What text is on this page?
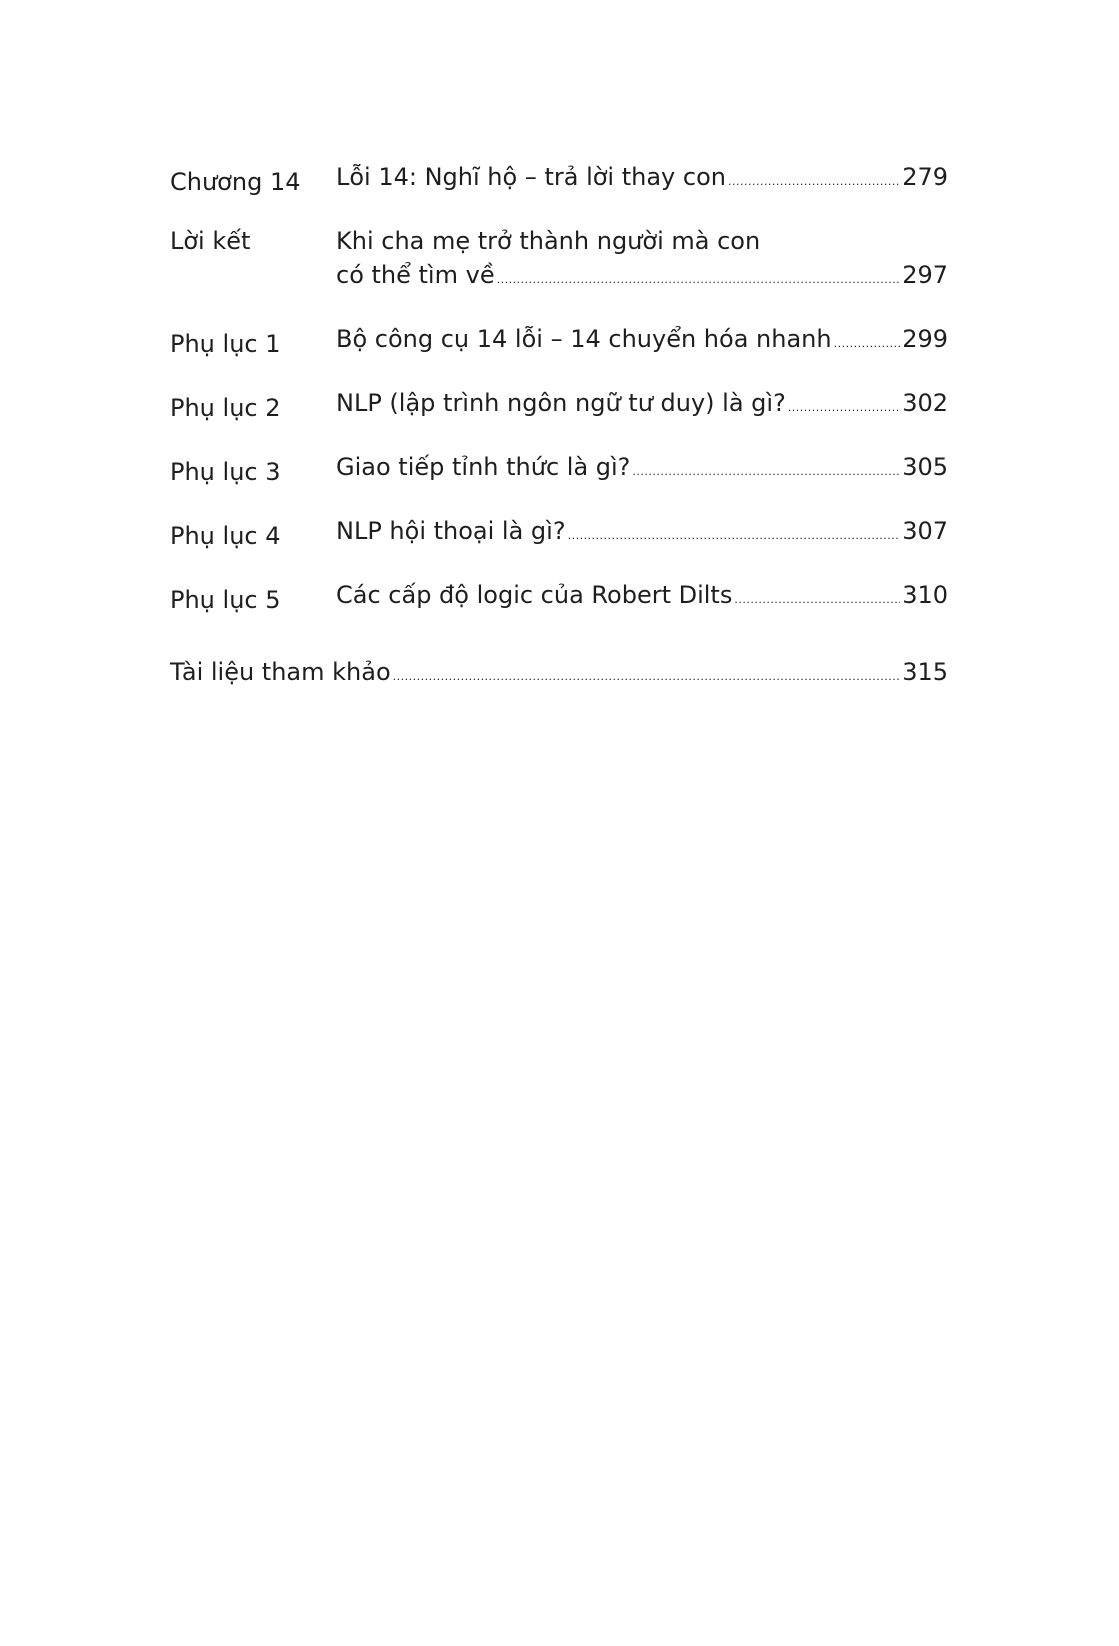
Chương 14	Lỗi 14: Nghĩ hộ – trả lời thay con .....	279
Lời kết	Khi cha mẹ trở thành người mà con
có thể tìm về .....	297
Phụ lục 1	Bộ công cụ 14 lỗi – 14 chuyển hóa nhanh .....	299
Phụ lục 2	NLP (lập trình ngôn ngữ tư duy) là gì? .....	302
Phụ lục 3	Giao tiếp tỉnh thức là gì? .....	305
Phụ lục 4	NLP hội thoại là gì? .....	307
Phụ lục 5	Các cấp độ logic của Robert Dilts .....	310
Tài liệu tham khảo .....	315
